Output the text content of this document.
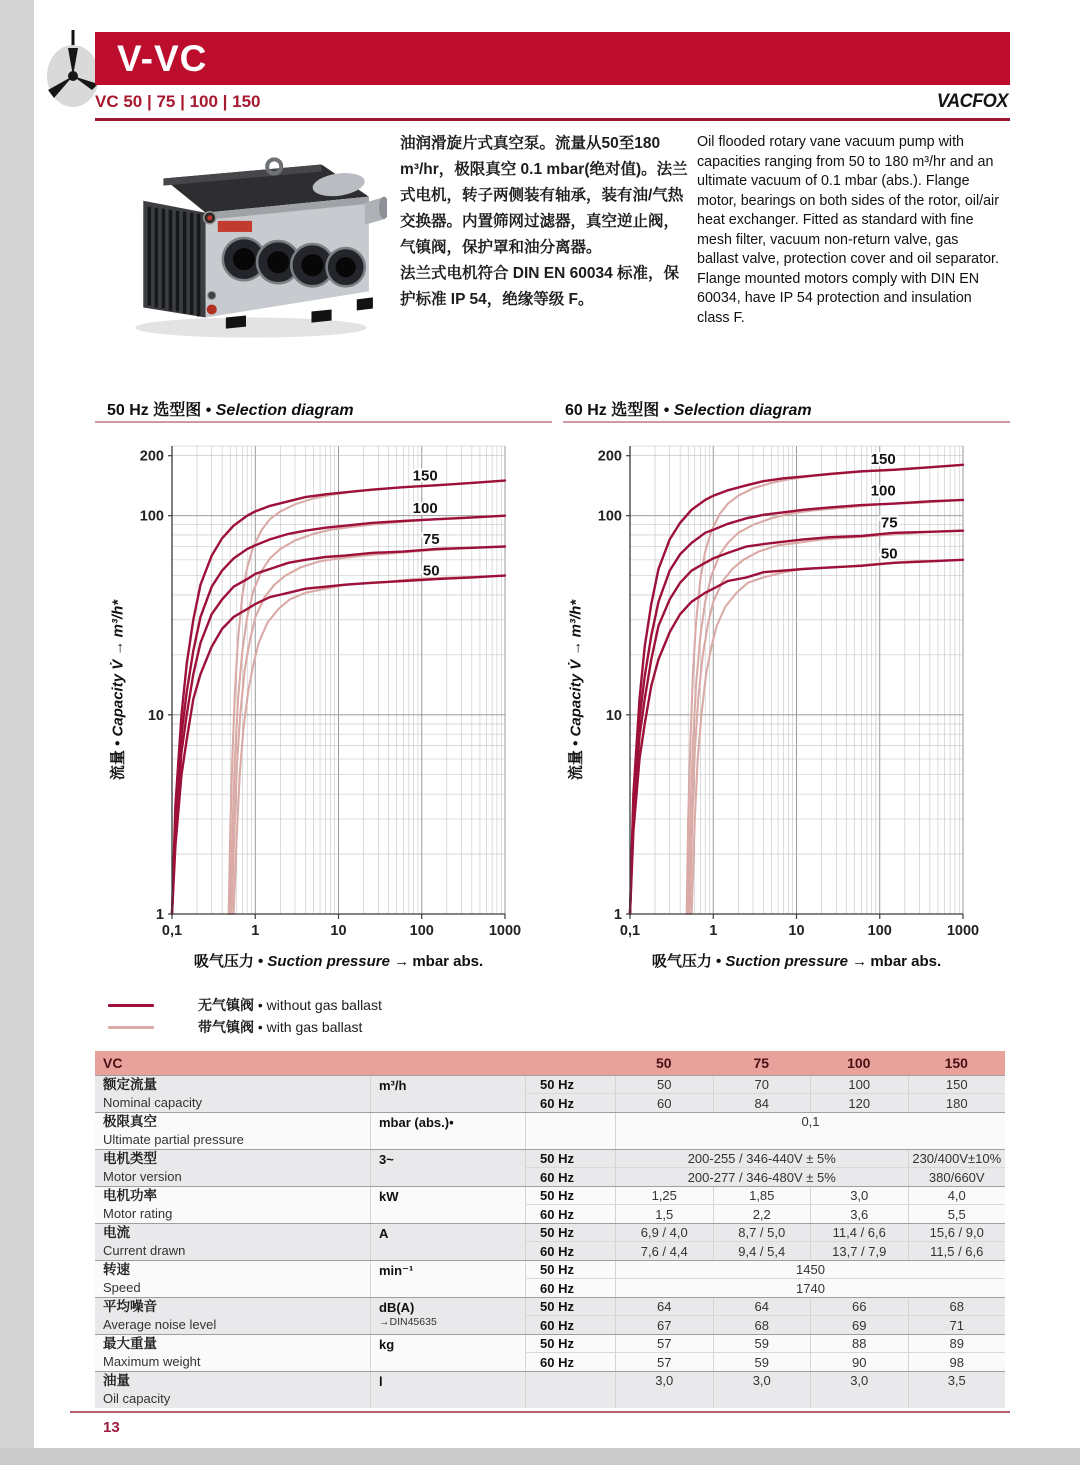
V-VC
VC 50 | 75 | 100 | 150	VACFOX

油润滑旋片式真空泵。流量从50至180 m³/hr，极限真空 0.1 mbar(绝对值)。法兰式电机，转子两侧装有轴承，装有油/气热交换器。内置筛网过滤器，真空逆止阀，气镇阀，保护罩和油分离器。

法兰式电机符合 DIN EN 60034 标准，保护标准 IP 54，绝缘等级 F。

Oil flooded rotary vane vacuum pump with capacities ranging from 50 to 180 m³/hr and an ultimate vacuum of 0.1 mbar (abs.). Flange motor, bearings on both sides of the rotor, oil/air heat exchanger. Fitted as standard with fine mesh filter, vacuum non-return valve, gas ballast valve, protection cover and oil separator.

Flange mounted motors comply with DIN EN 60034, have IP 54 protection and insulation class F.

50 Hz 选型图 • Selection diagram	60 Hz 选型图 • Selection diagram
0,1	1	10	100	1000
1
10
100
200
150
100
75
50
流量 • Capacity V̇ → m³/h*
吸气压力 • Suction pressure → mbar abs.
0,1	1	10	100	1000
1
10
100
200	150
100
75
50
流量 • Capacity V̇ → m³/h*
吸气压力 • Suction pressure → mbar abs.
无气镇阀 • without gas ballast
带气镇阀 • with gas ballast
VC	50	75	100	150
额定流量
Nominal capacity
m³/h	50 Hz	50	70	100	150
60 Hz	60	84	120	180
极限真空
Ultimate partial pressure
mbar (abs.)•	0,1
电机类型
Motor version
3~	50 Hz	200-255 / 346-440V ± 5%	230/400V±10%
60 Hz	200-277 / 346-480V ± 5%	380/660V
电机功率
Motor rating
kW	50 Hz	1,25	1,85	3,0	4,0
60 Hz	1,5	2,2	3,6	5,5
电流
Current drawn
A	50 Hz	6,9 / 4,0	8,7 / 5,0	11,4 / 6,6	15,6 / 9,0
60 Hz	7,6 / 4,4	9,4 / 5,4	13,7 / 7,9	11,5 / 6,6
转速
Speed
min⁻¹	50 Hz	1450
60 Hz	1740
平均噪音
Average noise level
dB(A)
→DIN45635
50 Hz	64	64	66	68
60 Hz	67	68	69	71
最大重量
Maximum weight
kg	50 Hz	57	59	88	89
60 Hz	57	59	90	98
油量
Oil capacity
l	3,0	3,0	3,0	3,5
13
